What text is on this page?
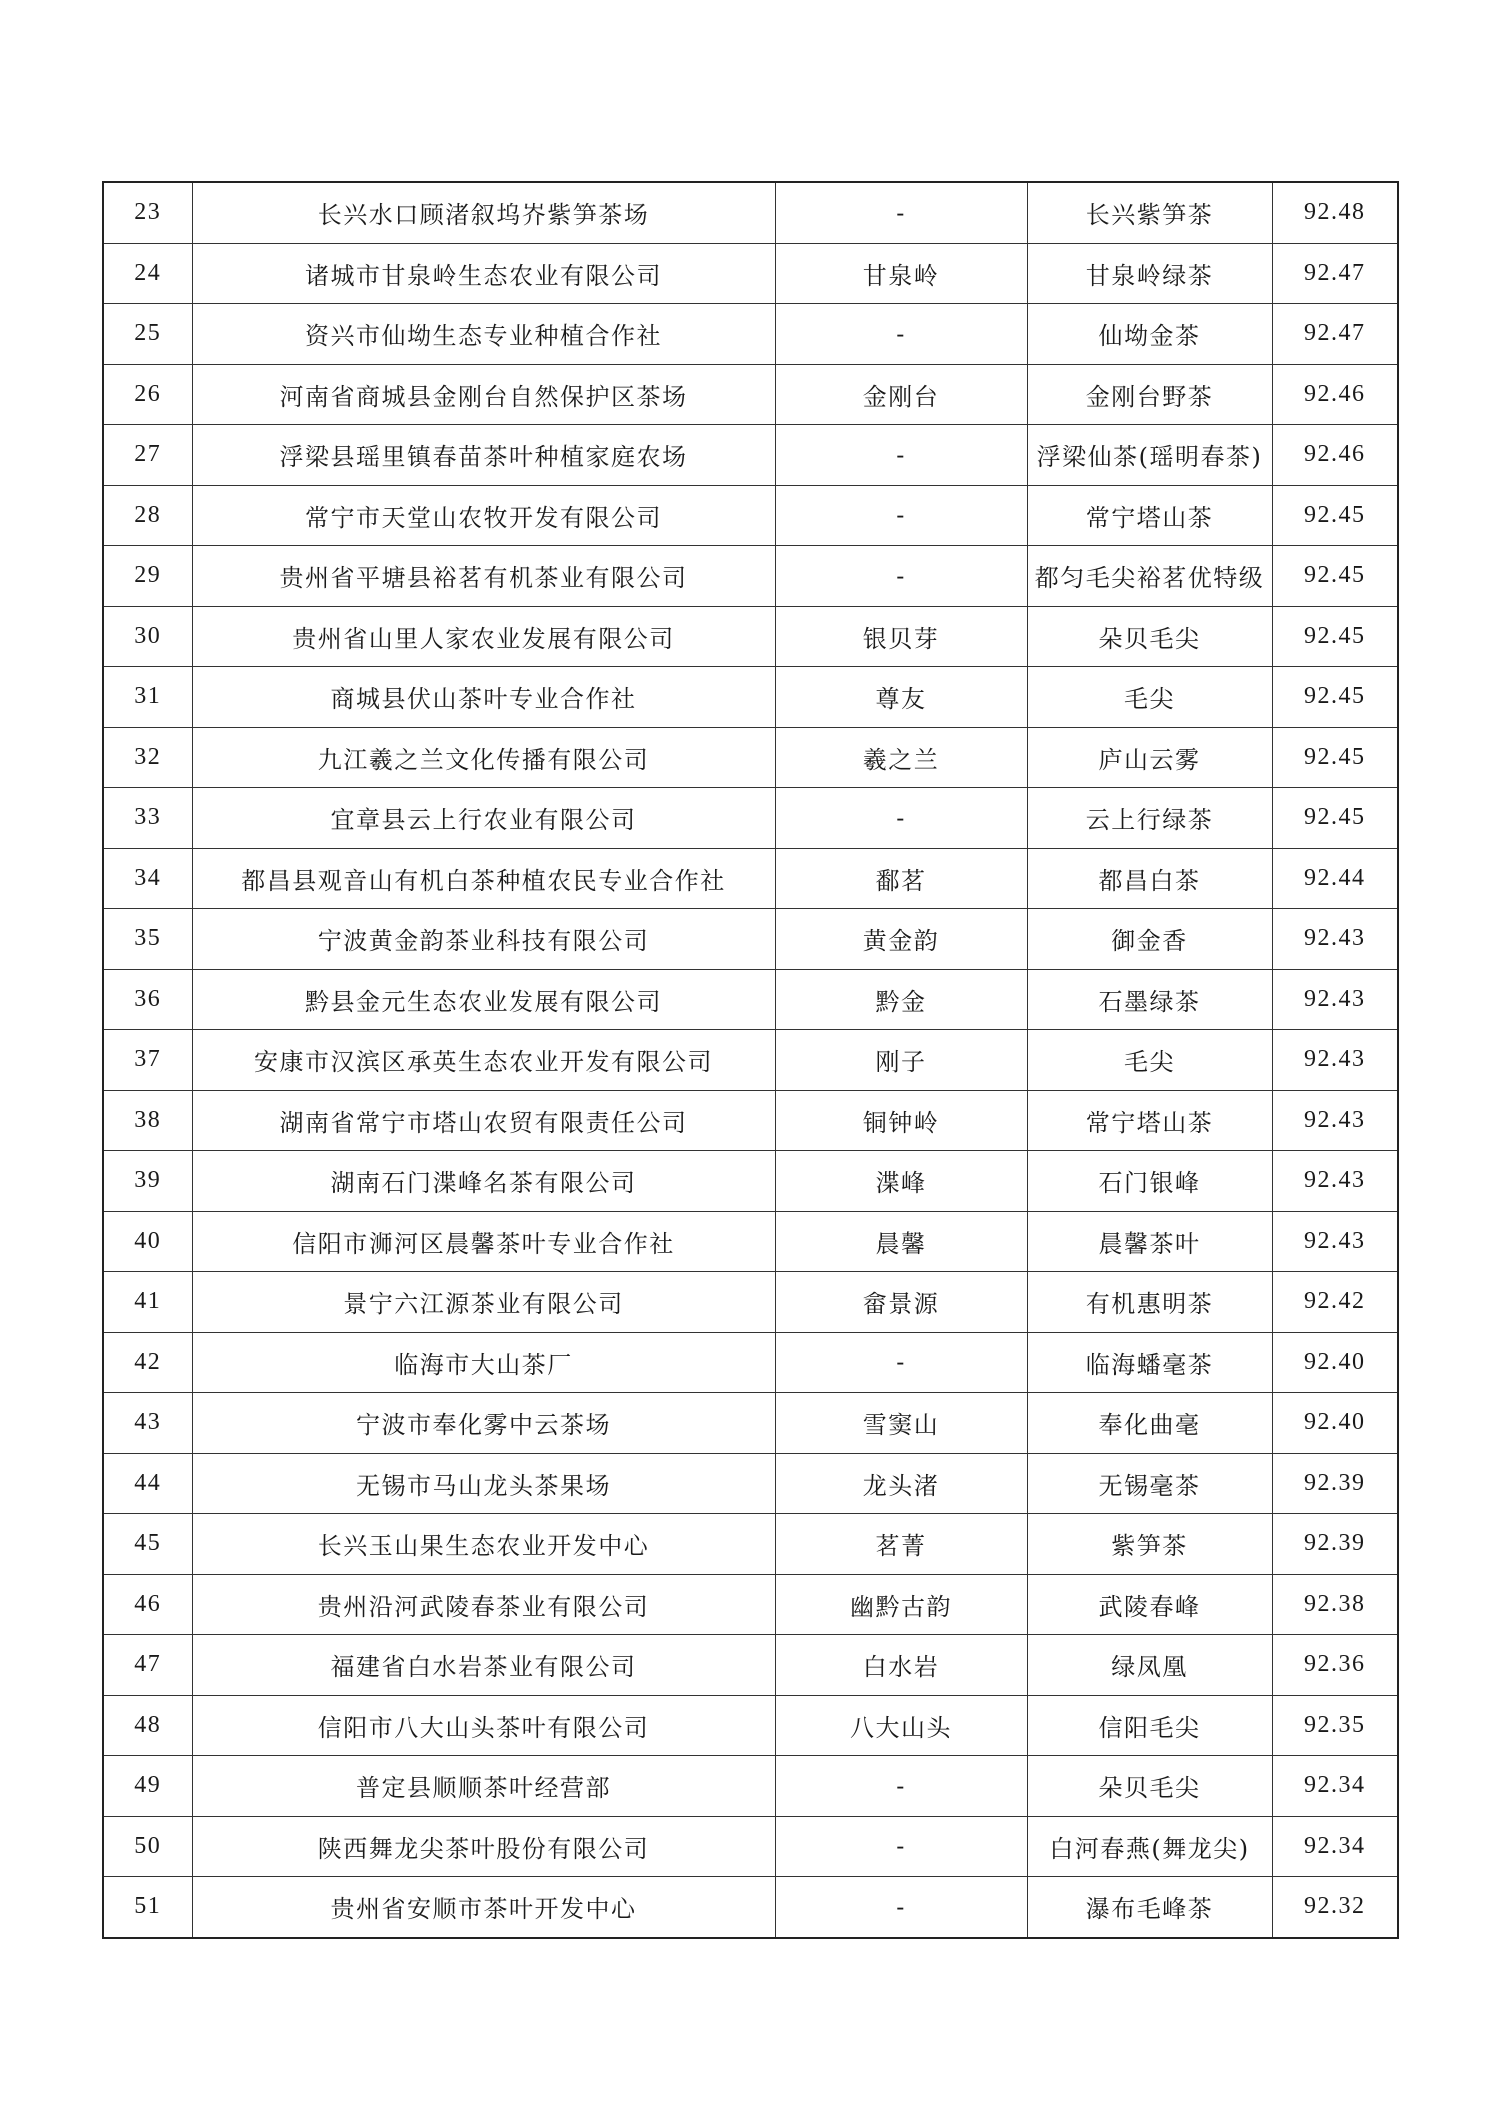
23	长兴水口顾渚叙坞岕紫笋茶场	-	长兴紫笋茶	92.48
24	诸城市甘泉岭生态农业有限公司	甘泉岭	甘泉岭绿茶	92.47
25	资兴市仙坳生态专业种植合作社	-	仙坳金茶	92.47
26	河南省商城县金刚台自然保护区茶场	金刚台	金刚台野茶	92.46
27	浮梁县瑶里镇春苗茶叶种植家庭农场	-	浮梁仙茶(瑶明春茶)	92.46
28	常宁市天堂山农牧开发有限公司	-	常宁塔山茶	92.45
29	贵州省平塘县裕茗有机茶业有限公司	-	都匀毛尖裕茗优特级	92.45
30	贵州省山里人家农业发展有限公司	银贝芽	朵贝毛尖	92.45
31	商城县伏山茶叶专业合作社	尊友	毛尖	92.45
32	九江羲之兰文化传播有限公司	羲之兰	庐山云雾	92.45
33	宜章县云上行农业有限公司	-	云上行绿茶	92.45
34	都昌县观音山有机白茶种植农民专业合作社	鄱茗	都昌白茶	92.44
35	宁波黄金韵茶业科技有限公司	黄金韵	御金香	92.43
36	黔县金元生态农业发展有限公司	黔金	石墨绿茶	92.43
37	安康市汉滨区承英生态农业开发有限公司	刚子	毛尖	92.43
38	湖南省常宁市塔山农贸有限责任公司	铜钟岭	常宁塔山茶	92.43
39	湖南石门渫峰名茶有限公司	渫峰	石门银峰	92.43
40	信阳市浉河区晨馨茶叶专业合作社	晨馨	晨馨茶叶	92.43
41	景宁六江源茶业有限公司	畲景源	有机惠明茶	92.42
42	临海市大山茶厂	-	临海蟠毫茶	92.40
43	宁波市奉化雾中云茶场	雪窦山	奉化曲毫	92.40
44	无锡市马山龙头茶果场	龙头渚	无锡毫茶	92.39
45	长兴玉山果生态农业开发中心	茗菁	紫笋茶	92.39
46	贵州沿河武陵春茶业有限公司	幽黔古韵	武陵春峰	92.38
47	福建省白水岩茶业有限公司	白水岩	绿凤凰	92.36
48	信阳市八大山头茶叶有限公司	八大山头	信阳毛尖	92.35
49	普定县顺顺茶叶经营部	-	朵贝毛尖	92.34
50	陕西舞龙尖茶叶股份有限公司	-	白河春燕(舞龙尖)	92.34
51	贵州省安顺市茶叶开发中心	-	瀑布毛峰茶	92.32
